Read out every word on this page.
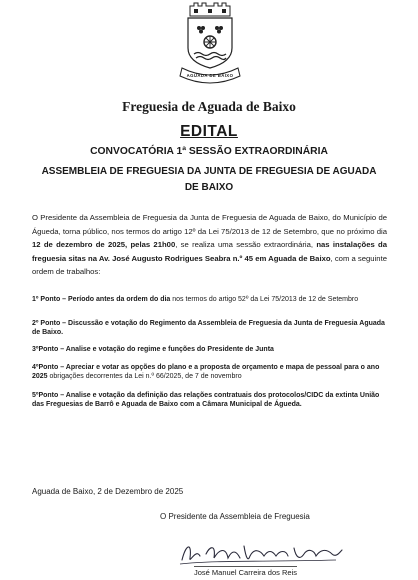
AGUADA DE BAIXO
Freguesia de Aguada de Baixo
EDITAL
CONVOCATÓRIA 1ª SESSÃO EXTRAORDINÁRIA
ASSEMBLEIA DE FREGUESIA DA JUNTA DE FREGUESIA DE AGUADA DE BAIXO
O Presidente da Assembleia de Freguesia da Junta de Freguesia de Aguada de Baixo, do Município de Águeda, torna público, nos termos do artigo 12º da Lei 75/2013 de 12 de Setembro, que no próximo dia 12 de dezembro de 2025, pelas 21h00, se realiza uma sessão extraordinária, nas instalações da freguesia sitas na Av. José Augusto Rodrigues Seabra n.º 45 em Aguada de Baixo, com a seguinte ordem de trabalhos:
1º Ponto – Período antes da ordem do dia nos termos do artigo 52º da Lei 75/2013 de 12 de Setembro
2º Ponto – Discussão e votação do Regimento da Assembleia de Freguesia da Junta de Freguesia Aguada de Baixo.
3ºPonto – Analise e votação do regime e funções do Presidente de Junta
4ºPonto – Apreciar e votar as opções do plano e a proposta de orçamento e mapa de pessoal para o ano 2025 obrigações decorrentes da Lei n.º 66/2025, de 7 de novembro
5ºPonto – Analise e votação da definição das relações contratuais dos protocolos/CIDC da extinta União das Freguesias de Barrô e Aguada de Baixo com a Câmara Municipal de Águeda.
Aguada de Baixo, 2 de Dezembro de 2025
O Presidente da Assembleia de Freguesia
José Manuel Carreira dos Reis
